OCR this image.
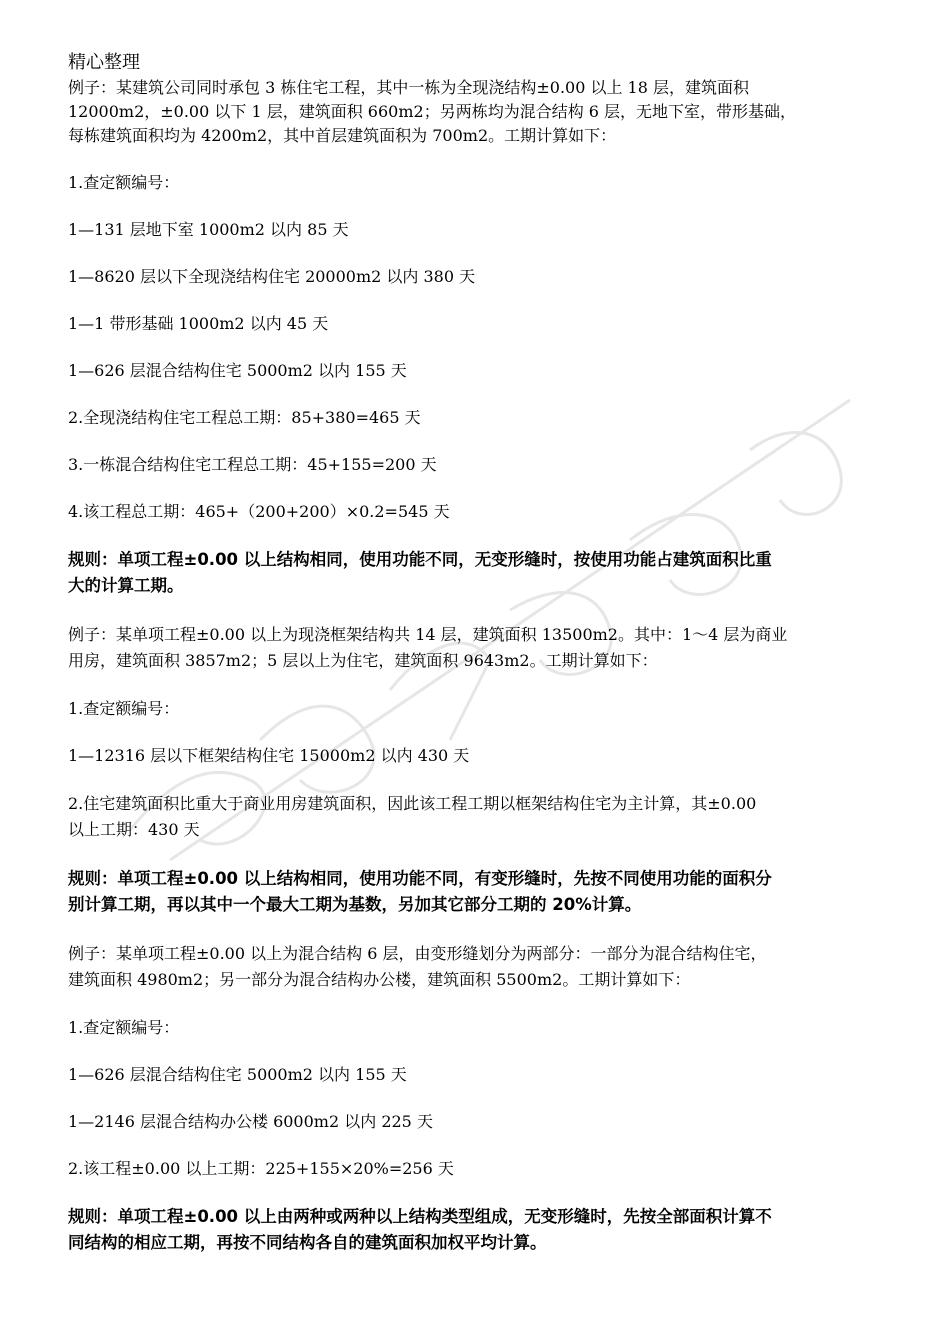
精心整理

例子：某建筑公司同时承包 3 栋住宅工程，其中一栋为全现浇结构±0.00 以上 18 层，建筑面积

12000m2，±0.00 以下 1 层，建筑面积 660m2；另两栋均为混合结构 6 层，无地下室，带形基础，

每栋建筑面积均为 4200m2，其中首层建筑面积为 700m2。工期计算如下：

1.查定额编号：

1—131 层地下室 1000m2 以内 85 天

1—8620 层以下全现浇结构住宅 20000m2 以内 380 天

1—1 带形基础 1000m2 以内 45 天

1—626 层混合结构住宅 5000m2 以内 155 天

2.全现浇结构住宅工程总工期：85+380=465 天

3.一栋混合结构住宅工程总工期：45+155=200 天

4.该工程总工期：465+（200+200）×0.2=545 天

规则：单项工程±0.00 以上结构相同，使用功能不同，无变形缝时，按使用功能占建筑面积比重

大的计算工期。

例子：某单项工程±0.00 以上为现浇框架结构共 14 层，建筑面积 13500m2。其中：1～4 层为商业

用房，建筑面积 3857m2；5 层以上为住宅，建筑面积 9643m2。工期计算如下：

1.查定额编号：

1—12316 层以下框架结构住宅 15000m2 以内 430 天

2.住宅建筑面积比重大于商业用房建筑面积，因此该工程工期以框架结构住宅为主计算，其±0.00

以上工期：430 天

规则：单项工程±0.00 以上结构相同，使用功能不同，有变形缝时，先按不同使用功能的面积分

别计算工期，再以其中一个最大工期为基数，另加其它部分工期的 20%计算。

例子：某单项工程±0.00 以上为混合结构 6 层，由变形缝划分为两部分：一部分为混合结构住宅，

建筑面积 4980m2；另一部分为混合结构办公楼，建筑面积 5500m2。工期计算如下：

1.查定额编号：

1—626 层混合结构住宅 5000m2 以内 155 天

1—2146 层混合结构办公楼 6000m2 以内 225 天

2.该工程±0.00 以上工期：225+155×20%=256 天

规则：单项工程±0.00 以上由两种或两种以上结构类型组成，无变形缝时，先按全部面积计算不

同结构的相应工期，再按不同结构各自的建筑面积加权平均计算。
